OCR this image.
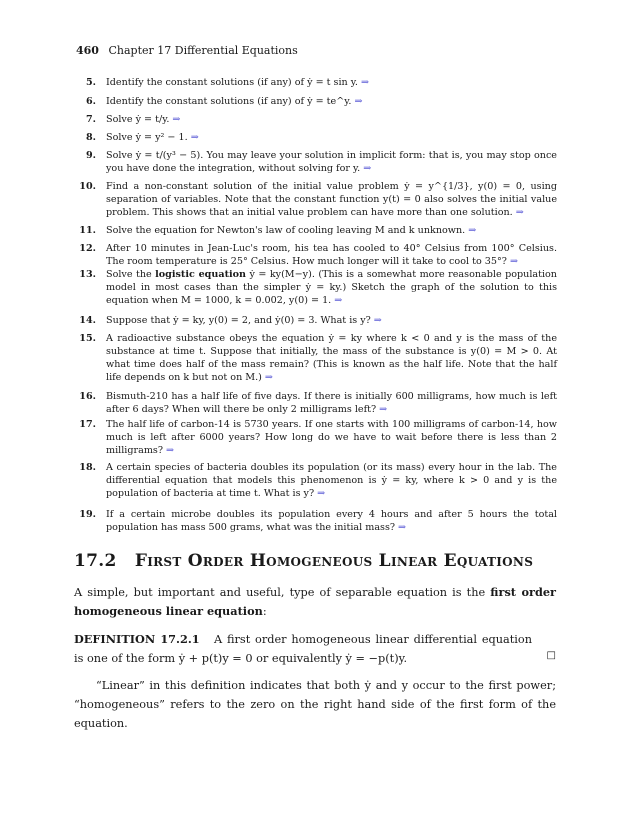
460 Chapter 17 Differential Equations
5. Identify the constant solutions (if any) of ẏ = t sin y. ⇒
6. Identify the constant solutions (if any) of ẏ = te^y. ⇒
7. Solve ẏ = t/y. ⇒
8. Solve ẏ = y² − 1. ⇒
9. Solve ẏ = t/(y³ − 5). You may leave your solution in implicit form: that is, you may stop once you have done the integration, without solving for y. ⇒
10. Find a non-constant solution of the initial value problem ẏ = y^{1/3}, y(0) = 0, using separation of variables. Note that the constant function y(t) = 0 also solves the initial value problem. This shows that an initial value problem can have more than one solution. ⇒
11. Solve the equation for Newton's law of cooling leaving M and k unknown. ⇒
12. After 10 minutes in Jean-Luc's room, his tea has cooled to 40° Celsius from 100° Celsius. The room temperature is 25° Celsius. How much longer will it take to cool to 35°? ⇒
13. Solve the logistic equation ẏ = ky(M−y). (This is a somewhat more reasonable population model in most cases than the simpler ẏ = ky.) Sketch the graph of the solution to this equation when M = 1000, k = 0.002, y(0) = 1. ⇒
14. Suppose that ẏ = ky, y(0) = 2, and ẏ(0) = 3. What is y? ⇒
15. A radioactive substance obeys the equation ẏ = ky where k < 0 and y is the mass of the substance at time t. Suppose that initially, the mass of the substance is y(0) = M > 0. At what time does half of the mass remain? (This is known as the half life. Note that the half life depends on k but not on M.) ⇒
16. Bismuth-210 has a half life of five days. If there is initially 600 milligrams, how much is left after 6 days? When will there be only 2 milligrams left? ⇒
17. The half life of carbon-14 is 5730 years. If one starts with 100 milligrams of carbon-14, how much is left after 6000 years? How long do we have to wait before there is less than 2 milligrams? ⇒
18. A certain species of bacteria doubles its population (or its mass) every hour in the lab. The differential equation that models this phenomenon is ẏ = ky, where k > 0 and y is the population of bacteria at time t. What is y? ⇒
19. If a certain microbe doubles its population every 4 hours and after 5 hours the total population has mass 500 grams, what was the initial mass? ⇒
17.2 First Order Homogeneous Linear Equations
A simple, but important and useful, type of separable equation is the first order homogeneous linear equation:
DEFINITION 17.2.1 A first order homogeneous linear differential equation is one of the form ẏ + p(t)y = 0 or equivalently ẏ = −p(t)y.	□
“Linear” in this definition indicates that both ẏ and y occur to the first power; “homogeneous” refers to the zero on the right hand side of the first form of the equation.
